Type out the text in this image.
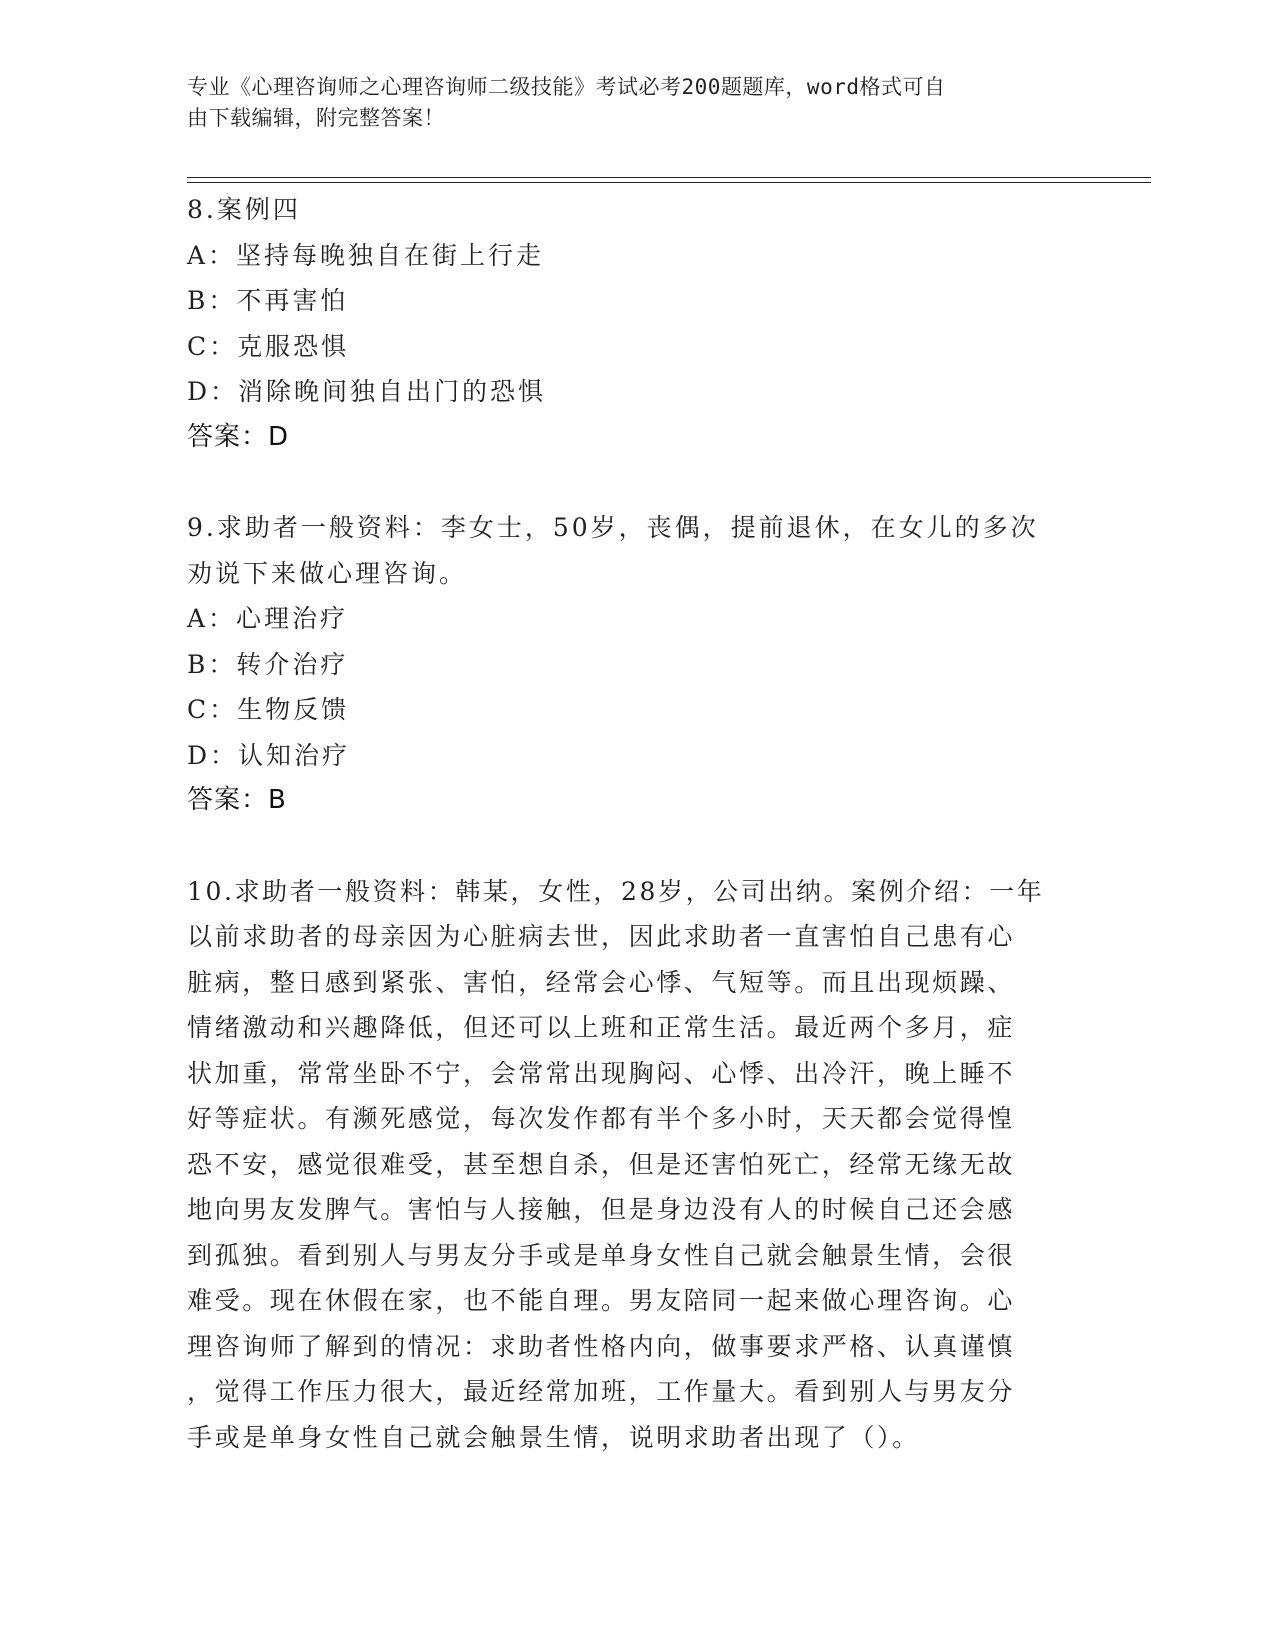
专业《心理咨询师之心理咨询师二级技能》考试必考200题题库，word格式可自
由下载编辑，附完整答案！

8.案例四

A：坚持每晚独自在街上行走

B：不再害怕

C：克服恐惧

D：消除晚间独自出门的恐惧

答案：D

9.求助者一般资料：李女士，50岁，丧偶，提前退休，在女儿的多次

劝说下来做心理咨询。

A：心理治疗

B：转介治疗

C：生物反馈

D：认知治疗

答案：B

10.求助者一般资料：韩某，女性，28岁，公司出纳。案例介绍：一年

以前求助者的母亲因为心脏病去世，因此求助者一直害怕自己患有心

脏病，整日感到紧张、害怕，经常会心悸、气短等。而且出现烦躁、

情绪激动和兴趣降低，但还可以上班和正常生活。最近两个多月，症

状加重，常常坐卧不宁，会常常出现胸闷、心悸、出冷汗，晚上睡不

好等症状。有濒死感觉，每次发作都有半个多小时，天天都会觉得惶

恐不安，感觉很难受，甚至想自杀，但是还害怕死亡，经常无缘无故

地向男友发脾气。害怕与人接触，但是身边没有人的时候自己还会感

到孤独。看到别人与男友分手或是单身女性自己就会触景生情，会很

难受。现在休假在家，也不能自理。男友陪同一起来做心理咨询。心

理咨询师了解到的情况：求助者性格内向，做事要求严格、认真谨慎

，觉得工作压力很大，最近经常加班，工作量大。看到别人与男友分

手或是单身女性自己就会触景生情，说明求助者出现了（）。
